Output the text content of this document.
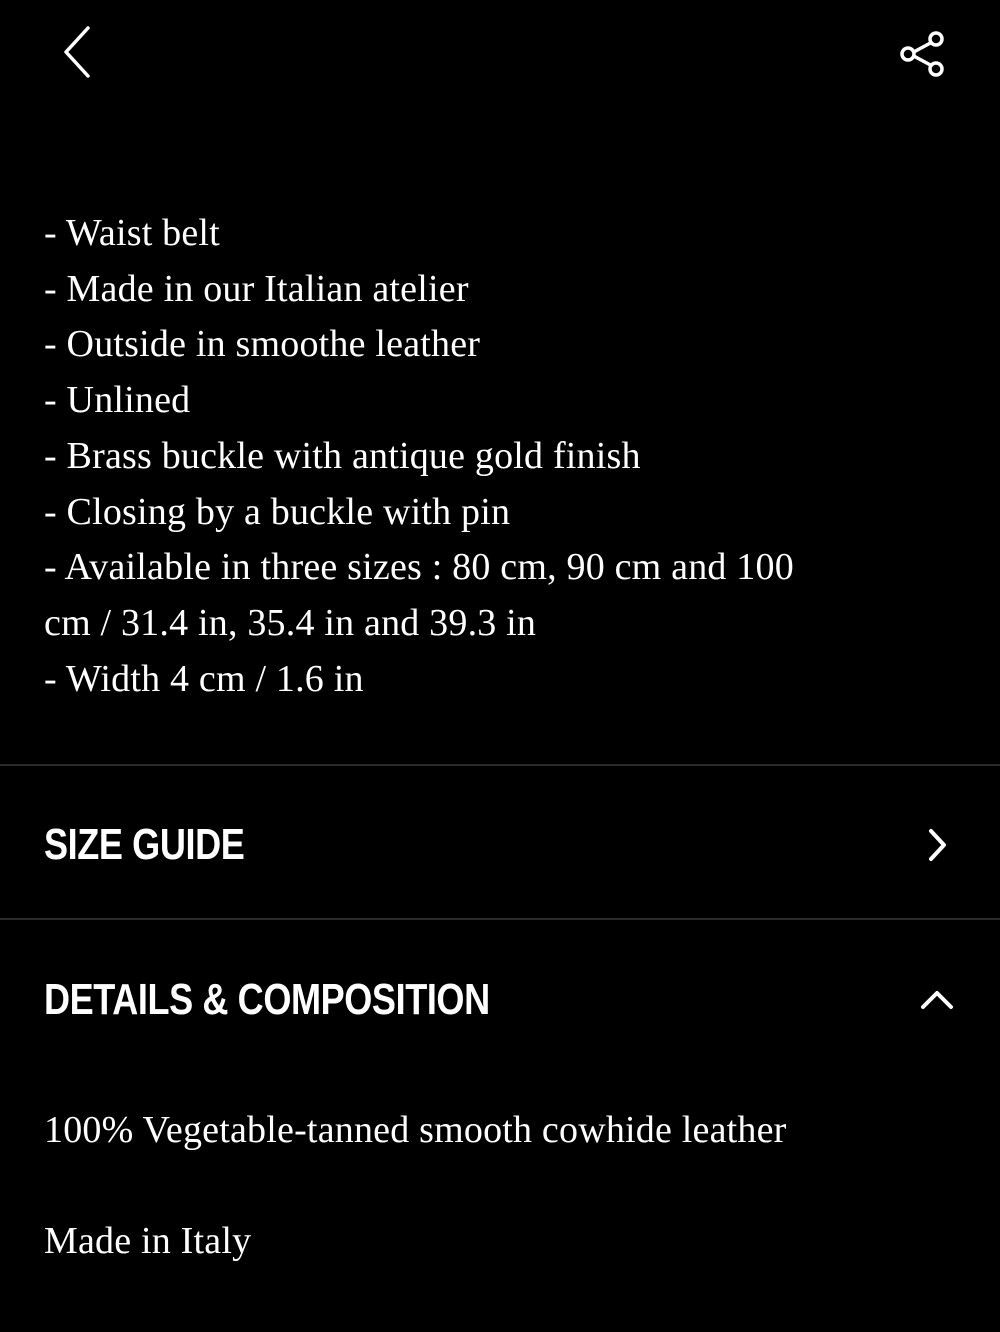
- Waist belt
- Made in our Italian atelier
- Outside in smoothe leather
- Unlined
- Brass buckle with antique gold finish
- Closing by a buckle with pin
- Available in three sizes : 80 cm, 90 cm and 100
cm / 31.4 in, 35.4 in and 39.3 in
- Width 4 cm / 1.6 in
SIZE GUIDE
DETAILS & COMPOSITION
100% Vegetable-tanned smooth cowhide leather
Made in Italy
